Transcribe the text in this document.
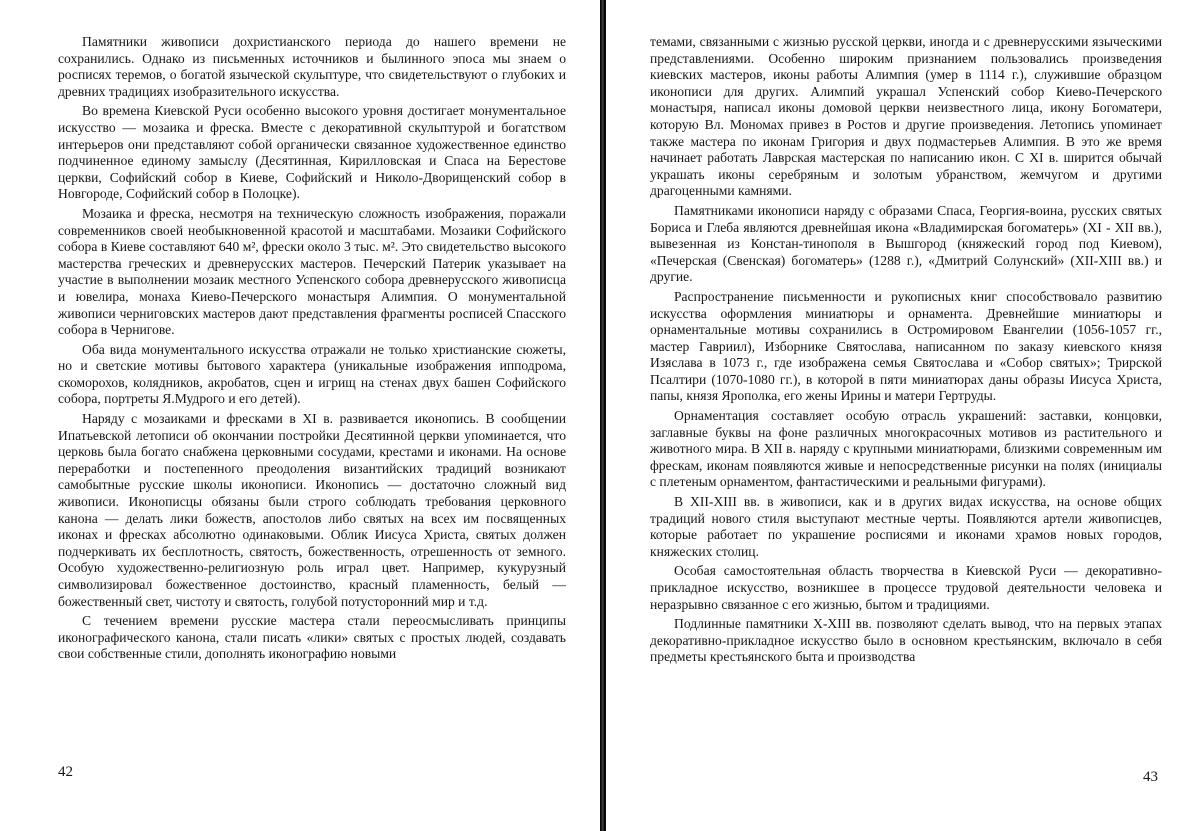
Памятники живописи дохристианского периода до нашего времени не сохранились. Однако из письменных источников и былинного эпоса мы знаем о росписях теремов, о богатой языческой скульптуре, что свидетельствуют о глубоких и древних традициях изобразительного искусства.

Во времена Киевской Руси особенно высокого уровня достигает монументальное искусство — мозаика и фреска. Вместе с декоративной скульптурой и богатством интерьеров они представляют собой органически связанное художественное единство подчиненное единому замыслу (Десятинная, Кирилловская и Спаса на Берестове церкви, Софийский собор в Киеве, Софийский и Николо-Дворищенский собор в Новгороде, Софийский собор в Полоцке).

Мозаика и фреска, несмотря на техническую сложность изображения, поражали современников своей необыкновенной красотой и масштабами. Мозаики Софийского собора в Киеве составляют 640 м², фрески около 3 тыс. м². Это свидетельство высокого мастерства греческих и древнерусских мастеров. Печерский Патерик указывает на участие в выполнении мозаик местного Успенского собора древнерусского живописца и ювелира, монаха Киево-Печерского монастыря Алимпия. О монументальной живописи черниговских мастеров дают представления фрагменты росписей Спасского собора в Чернигове.

Оба вида монументального искусства отражали не только христианские сюжеты, но и светские мотивы бытового характера (уникальные изображения ипподрома, скоморохов, колядников, акробатов, сцен и игрищ на стенах двух башен Софийского собора, портреты Я.Мудрого и его детей).

Наряду с мозаиками и фресками в XI в. развивается иконопись. В сообщении Ипатьевской летописи об окончании постройки Десятинной церкви упоминается, что церковь была богато снабжена церковными сосудами, крестами и иконами. На основе переработки и постепенного преодоления византийских традиций возникают самобытные русские школы иконописи. Иконопись — достаточно сложный вид живописи. Иконописцы обязаны были строго соблюдать требования церковного канона — делать лики божеств, апостолов либо святых на всех им посвященных иконах и фресках абсолютно одинаковыми. Облик Иисуса Христа, святых должен подчеркивать их бесплотность, святость, божественность, отрешенность от земного. Особую художественно-религиозную роль играл цвет. Например, кукурузный символизировал божественное достоинство, красный пламенность, белый — божественный свет, чистоту и святость, голубой потусторонний мир и т.д.

С течением времени русские мастера стали переосмысливать принципы иконографического канона, стали писать «лики» святых с простых людей, создавать свои собственные стили, дополнять иконографию новыми

42

темами, связанными с жизнью русской церкви, иногда и с древнерусскими языческими представлениями. Особенно широким признанием пользовались произведения киевских мастеров, иконы работы Алимпия (умер в 1114 г.), служившие образцом иконописи для других. Алимпий украшал Успенский собор Киево-Печерского монастыря, написал иконы домовой церкви неизвестного лица, икону Богоматери, которую Вл. Мономах привез в Ростов и другие произведения. Летопись упоминает также мастера по иконам Григория и двух подмастерьев Алимпия. В это же время начинает работать Лаврская мастерская по написанию икон. С XI в. ширится обычай украшать иконы серебряным и золотым убранством, жемчугом и другими драгоценными камнями.

Памятниками иконописи наряду с образами Спаса, Георгия-воина, русских святых Бориса и Глеба являются древнейшая икона «Владимирская богоматерь» (XI - XII вв.), вывезенная из Констан-тинополя в Вышгород (княжеский город под Киевом), «Печерская (Свенская) богоматерь» (1288 г.), «Дмитрий Солунский» (XII-XIII вв.) и другие.

Распространение письменности и рукописных книг способствовало развитию искусства оформления миниатюры и орнамента. Древнейшие миниатюры и орнаментальные мотивы сохранились в Остромировом Евангелии (1056-1057 гг., мастер Гавриил), Изборнике Святослава, написанном по заказу киевского князя Изяслава в 1073 г., где изображена семья Святослава и «Собор святых»; Трирской Псалтири (1070-1080 гг.), в которой в пяти миниатюрах даны образы Иисуса Христа, папы, князя Ярополка, его жены Ирины и матери Гертруды.

Орнаментация составляет особую отрасль украшений: заставки, концовки, заглавные буквы на фоне различных многокрасочных мотивов из растительного и животного мира. В XII в. наряду с крупными миниатюрами, близкими современным им фрескам, иконам появляются живые и непосредственные рисунки на полях (инициалы с плетеным орнаментом, фантастическими и реальными фигурами).

В XII-XIII вв. в живописи, как и в других видах искусства, на основе общих традиций нового стиля выступают местные черты. Появляются артели живописцев, которые работает по украшение росписями и иконами храмов новых городов, княжеских столиц.

Особая самостоятельная область творчества в Киевской Руси — декоративно-прикладное искусство, возникшее в процессе трудовой деятельности человека и неразрывно связанное с его жизнью, бытом и традициями.

Подлинные памятники X-XIII вв. позволяют сделать вывод, что на первых этапах декоративно-прикладное искусство было в основном крестьянским, включало в себя предметы крестьянского быта и производства

43
